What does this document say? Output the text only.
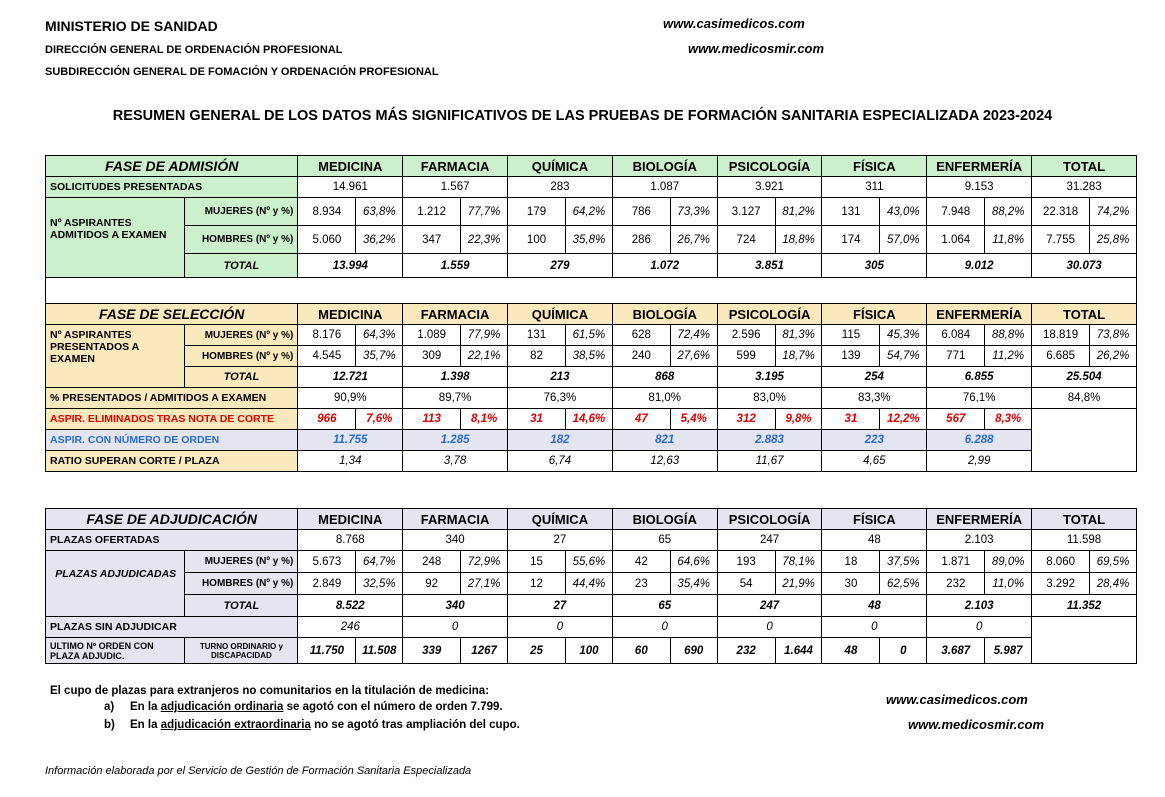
MINISTERIO DE SANIDAD
DIRECCIÓN GENERAL DE ORDENACIÓN PROFESIONAL
SUBDIRECCIÓN GENERAL DE FOMACIÓN Y ORDENACIÓN PROFESIONAL
www.casimedicos.com
www.medicosmir.com
RESUMEN GENERAL DE LOS DATOS MÁS SIGNIFICATIVOS DE LAS PRUEBAS DE FORMACIÓN SANITARIA ESPECIALIZADA 2023-2024
FASE DE ADMISIÓN		MEDICINA		FARMACIA		QUÍMICA		BIOLOGÍA		PSICOLOGÍA		FÍSICA		ENFERMERÍA		TOTAL	
SOLICITUDES PRESENTADAS		14.961		1.567		283		1.087		3.921		311		9.153		31.283	
Nº ASPIRANTES ADMITIDOS A EXAMEN	MUJERES (Nº y %)	8.934	63,8%	1.212	77,7%	179	64,2%	786	73,3%	3.127	81,2%	131	43,0%	7.948	88,2%	22.318	74,2%
	HOMBRES (Nº y %)	5.060	36,2%	347	22,3%	100	35,8%	286	26,7%	724	18,8%	174	57,0%	1.064	11,8%	7.755	25,8%
	TOTAL	13.994		1.559		279		1.072		3.851		305		9.012		30.073	

FASE DE SELECCIÓN		MEDICINA		FARMACIA		QUÍMICA		BIOLOGÍA		PSICOLOGÍA		FÍSICA		ENFERMERÍA		TOTAL	
Nº ASPIRANTES PRESENTADOS A EXAMEN	MUJERES (Nº y %)	8.176	64,3%	1.089	77,9%	131	61,5%	628	72,4%	2.596	81,3%	115	45,3%	6.084	88,8%	18.819	73,8%
	HOMBRES (Nº y %)	4.545	35,7%	309	22,1%	82	38,5%	240	27,6%	599	18,7%	139	54,7%	771	11,2%	6.685	26,2%
	TOTAL	12.721		1.398		213		868		3.195		254		6.855		25.504	
% PRESENTADOS / ADMITIDOS A EXAMEN		90,9%		89,7%		76,3%		81,0%		83,0%		83,3%		76,1%		84,8%	
ASPIR. ELIMINADOS TRAS NOTA DE CORTE		966	7,6%	113	8,1%	31	14,6%	47	5,4%	312	9,8%	31	12,2%	567	8,3%		
ASPIR. CON NÚMERO DE ORDEN		11.755		1.285		182		821		2.883		223		6.288			
RATIO SUPERAN CORTE / PLAZA		1,34		3,78		6,74		12,63		11,67		4,65		2,99			
FASE DE ADJUDICACIÓN		MEDICINA		FARMACIA		QUÍMICA		BIOLOGÍA		PSICOLOGÍA		FÍSICA		ENFERMERÍA		TOTAL	
PLAZAS OFERTADAS		8.768		340		27		65		247		48		2.103		11.598	
PLAZAS ADJUDICADAS	MUJERES (Nº y %)	5.673	64,7%	248	72,9%	15	55,6%	42	64,6%	193	78,1%	18	37,5%	1.871	89,0%	8.060	69,5%
	HOMBRES (Nº y %)	2.849	32,5%	92	27,1%	12	44,4%	23	35,4%	54	21,9%	30	62,5%	232	11,0%	3.292	28,4%
	TOTAL	8.522		340		27		65		247		48		2.103		11.352	
PLAZAS SIN ADJUDICAR		246		0		0		0		0		0		0			
ULTIMO Nº ORDEN CON PLAZA ADJUDIC.	TURNO ORDINARIO y DISCAPACIDAD	11.750	11.508	339	1267	25	100	60	690	232	1.644	48	0	3.687	5.987		
El cupo de plazas para extranjeros no comunitarios en la titulación de medicina:
a) En la adjudicación ordinaria se agotó con el número de orden 7.799.
b) En la adjudicación extraordinaria no se agotó tras ampliación del cupo.
www.casimedicos.com
www.medicosmir.com
Información elaborada por el Servicio de Gestión de Formación Sanitaria Especializada
